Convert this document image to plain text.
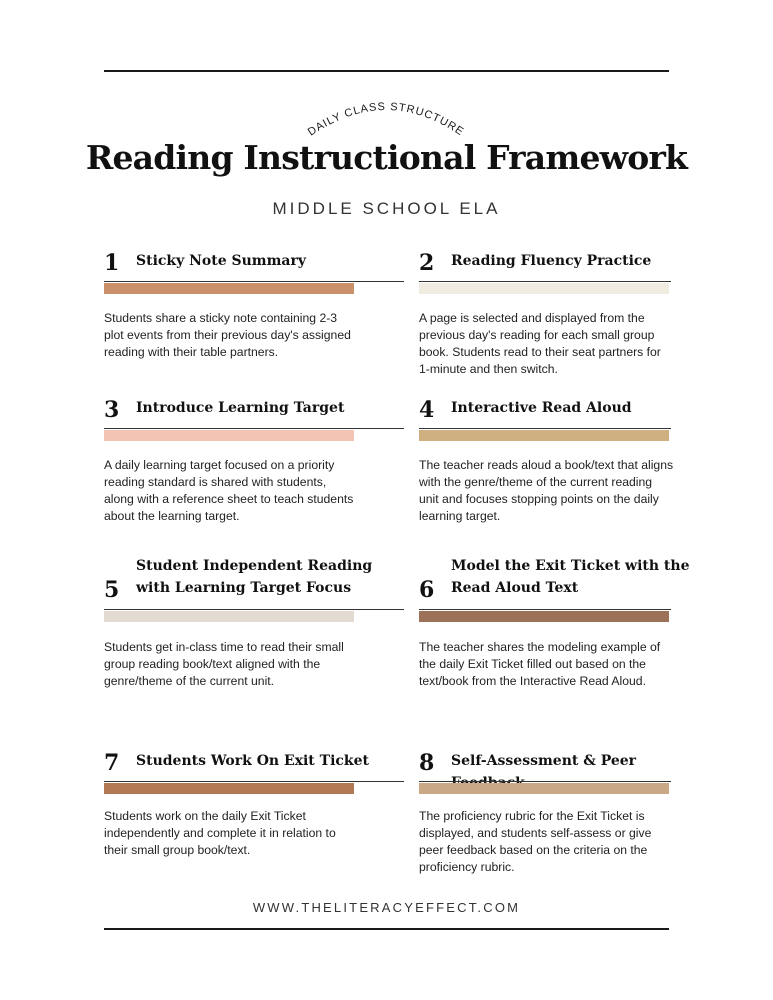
DAILY CLASS STRUCTURE
Reading Instructional Framework
MIDDLE SCHOOL ELA
1 Sticky Note Summary
Students share a sticky note containing 2-3 plot events from their previous day's assigned reading with their table partners.
2 Reading Fluency Practice
A page is selected and displayed from the previous day's reading for each small group book. Students read to their seat partners for 1-minute and then switch.
3 Introduce Learning Target
A daily learning target focused on a priority reading standard is shared with students, along with a reference sheet to teach students about the learning target.
4 Interactive Read Aloud
The teacher reads aloud a book/text that aligns with the genre/theme of the current reading unit and focuses stopping points on the daily learning target.
5
Student Independent Reading
with Learning Target Focus
Students get in-class time to read their small group reading book/text aligned with the genre/theme of the current unit.
6
Model the Exit Ticket with the
Read Aloud Text
The teacher shares the modeling example of the daily Exit Ticket filled out based on the text/book from the Interactive Read Aloud.
7 Students Work On Exit Ticket
Students work on the daily Exit Ticket independently and complete it in relation to their small group book/text.
8 Self-Assessment & Peer
The proficiency rubric for the Exit Ticket is displayed, and students self-assess or give peer feedback based on the criteria on the proficiency rubric.
WWW.THELITERACYEFFECT.COM
